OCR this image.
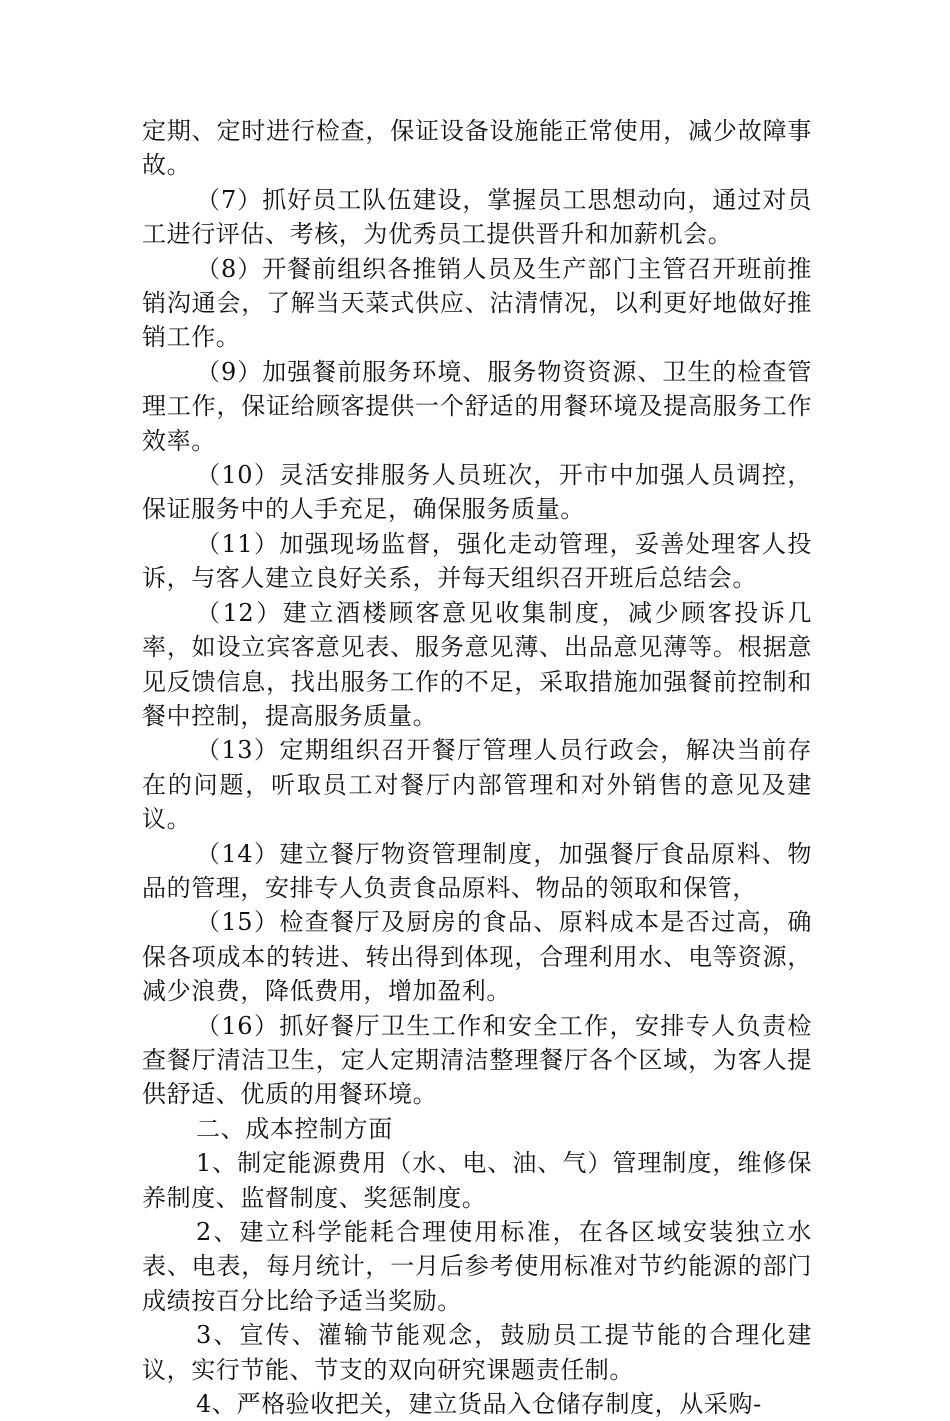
定期、定时进行检查，保证设备设施能正常使用，减少故障事故。

（7）抓好员工队伍建设，掌握员工思想动向，通过对员工进行评估、考核，为优秀员工提供晋升和加薪机会。

（8）开餐前组织各推销人员及生产部门主管召开班前推销沟通会，了解当天菜式供应、沽清情况，以利更好地做好推销工作。

（9）加强餐前服务环境、服务物资资源、卫生的检查管理工作，保证给顾客提供一个舒适的用餐环境及提高服务工作效率。

（10）灵活安排服务人员班次，开市中加强人员调控，保证服务中的人手充足，确保服务质量。

（11）加强现场监督，强化走动管理，妥善处理客人投诉，与客人建立良好关系，并每天组织召开班后总结会。

（12）建立酒楼顾客意见收集制度，减少顾客投诉几率，如设立宾客意见表、服务意见薄、出品意见薄等。根据意见反馈信息，找出服务工作的不足，采取措施加强餐前控制和餐中控制，提高服务质量。

（13）定期组织召开餐厅管理人员行政会，解决当前存在的问题，听取员工对餐厅内部管理和对外销售的意见及建议。

（14）建立餐厅物资管理制度，加强餐厅食品原料、物品的管理，安排专人负责食品原料、物品的领取和保管，

（15）检查餐厅及厨房的食品、原料成本是否过高，确保各项成本的转进、转出得到体现，合理利用水、电等资源，减少浪费，降低费用，增加盈利。

（16）抓好餐厅卫生工作和安全工作，安排专人负责检查餐厅清洁卫生，定人定期清洁整理餐厅各个区域，为客人提供舒适、优质的用餐环境。

二、成本控制方面

1、制定能源费用（水、电、油、气）管理制度，维修保养制度、监督制度、奖惩制度。

2、建立科学能耗合理使用标准，在各区域安装独立水表、电表，每月统计，一月后参考使用标准对节约能源的部门成绩按百分比给予适当奖励。

3、宣传、灌输节能观念，鼓励员工提节能的合理化建议，实行节能、节支的双向研究课题责任制。

4、严格验收把关，建立货品入仓储存制度，从采购-
